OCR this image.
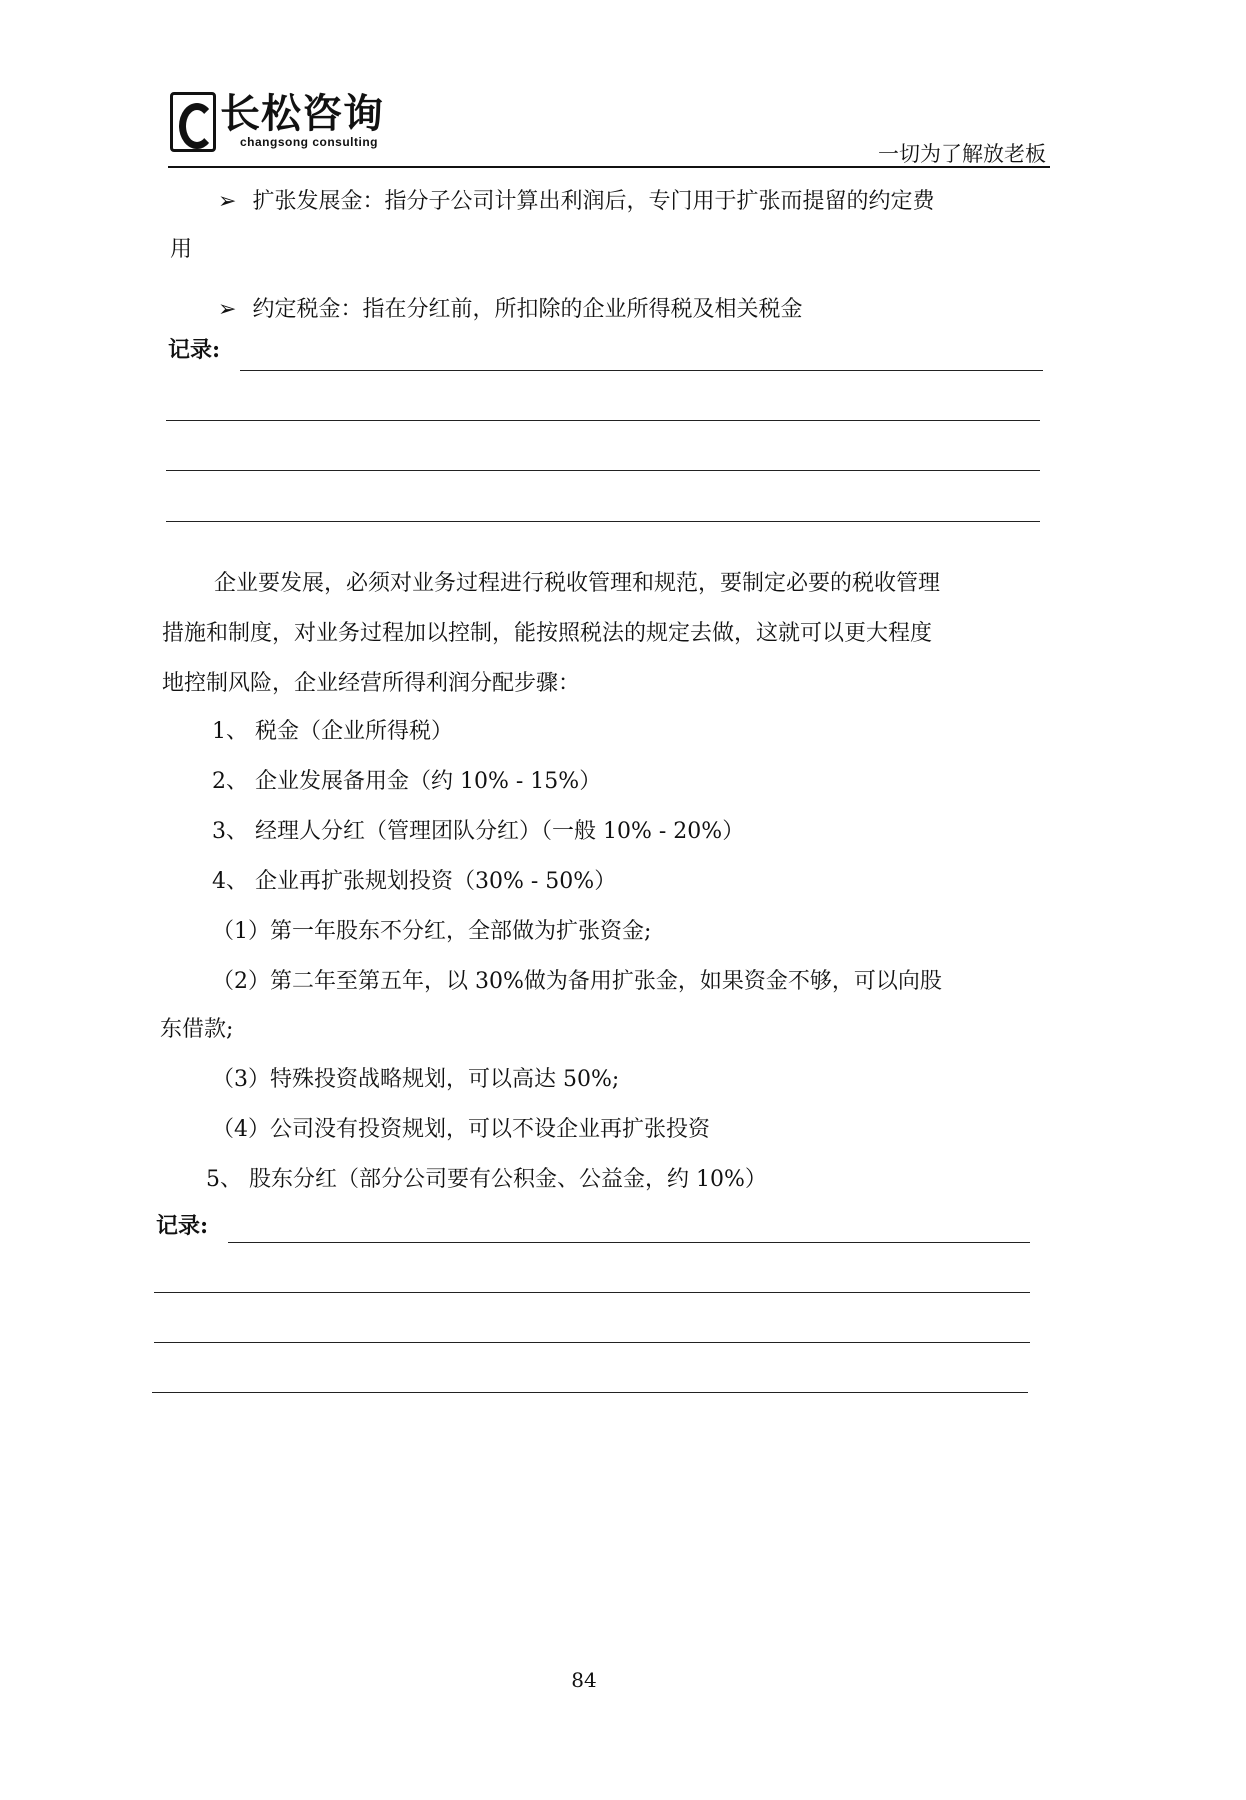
长松咨询
changsong consulting	一切为了解放老板
➢ 扩张发展金：指分子公司计算出利润后，专门用于扩张而提留的约定费
用
➢ 约定税金：指在分红前，所扣除的企业所得税及相关税金
记录:
企业要发展，必须对业务过程进行税收管理和规范，要制定必要的税收管理
措施和制度，对业务过程加以控制，能按照税法的规定去做，这就可以更大程度
地控制风险，企业经营所得利润分配步骤：
1、 税金（企业所得税）
2、 企业发展备用金（约 10% - 15%）
3、 经理人分红（管理团队分红）（一般 10% - 20%）
4、 企业再扩张规划投资（30% - 50%）
（1）第一年股东不分红，全部做为扩张资金;
（2）第二年至第五年，以 30%做为备用扩张金，如果资金不够，可以向股
东借款;
（3）特殊投资战略规划，可以高达 50%;
（4）公司没有投资规划，可以不设企业再扩张投资
5、 股东分红（部分公司要有公积金、公益金，约 10%）
记录:
84
